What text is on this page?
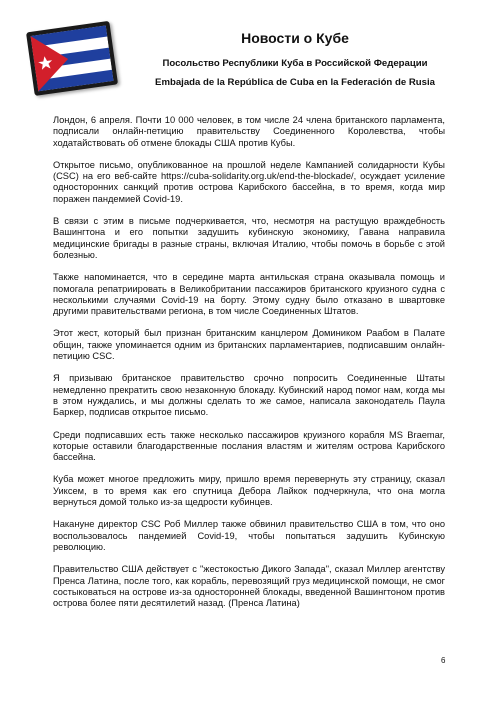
Новости о Кубе
Посольство Республики Куба в Российской Федерации
Embajada de la República de Cuba en la Federación de Rusia

Лондон, 6 апреля. Почти 10 000 человек, в том числе 24 члена британского парламента, подписали онлайн-петицию правительству Соединенного Королевства, чтобы ходатайствовать об отмене блокады США против Кубы.

Открытое письмо, опубликованное на прошлой неделе Кампанией солидарности Кубы (CSC) на его веб-сайте https://cuba-solidarity.org.uk/end-the-blockade/, осуждает усиление односторонних санкций против острова Карибского бассейна, в то время, когда мир поражен пандемией Covid-19.

В связи с этим в письме подчеркивается, что, несмотря на растущую враждебность Вашингтона и его попытки задушить кубинскую экономику, Гавана направила медицинские бригады в разные страны, включая Италию, чтобы помочь в борьбе с этой болезнью.

Также напоминается, что в середине марта антильская страна оказывала помощь и помогала репатриировать в Великобритании пассажиров британского круизного судна с несколькими случаями Covid-19 на борту. Этому судну было отказано в швартовке другими правительствами региона, в том числе Соединенных Штатов.

Этот жест, который был признан британским канцлером Домиником Раабом в Палате общин, также упоминается одним из британских парламентариев, подписавшим онлайн-петицию CSC.

Я призываю британское правительство срочно попросить Соединенные Штаты немедленно прекратить свою незаконную блокаду. Кубинский народ помог нам, когда мы в этом нуждались, и мы должны сделать то же самое, написала законодатель Паула Баркер, подписав открытое письмо.

Среди подписавших есть также несколько пассажиров круизного корабля MS Braemar, которые оставили благодарственные послания властям и жителям острова Карибского бассейна.

Куба может многое предложить миру, пришло время перевернуть эту страницу, сказал Уиксем, в то время как его спутница Дебора Лайкок подчеркнула, что она могла вернуться домой только из-за щедрости кубинцев.

Накануне директор CSC Роб Миллер также обвинил правительство США в том, что оно воспользовалось пандемией Covid-19, чтобы попытаться задушить Кубинскую революцию.

Правительство США действует с "жестокостью Дикого Запада", сказал Миллер агентству Пренса Латина, после того, как корабль, перевозящий груз медицинской помощи, не смог состыковаться на острове из-за односторонней блокады, введенной Вашингтоном против острова более пяти десятилетий назад. (Пренса Латина)

6
